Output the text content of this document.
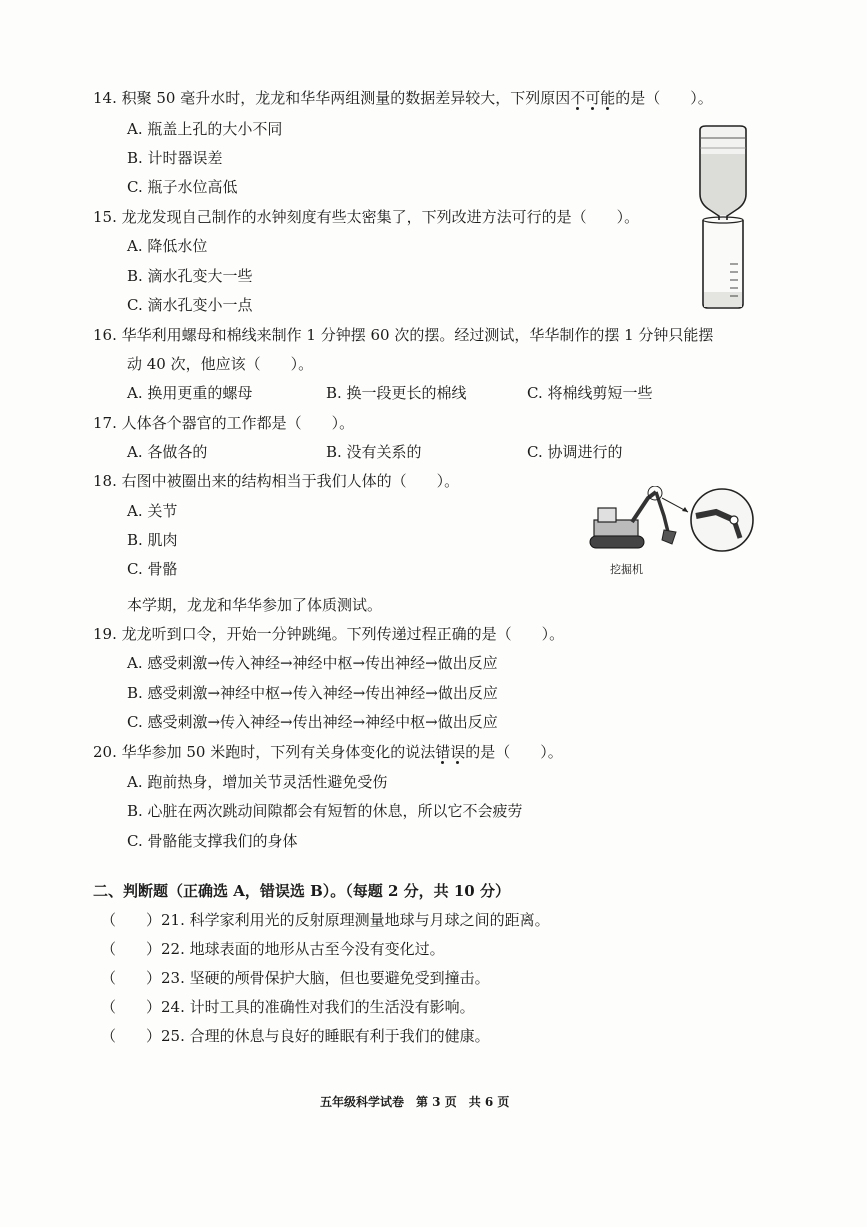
14. 积聚 50 毫升水时，龙龙和华华两组测量的数据差异较大，下列原因不
可
能
的是（　　）。
A. 瓶盖上孔的大小不同
B. 计时器误差
C. 瓶子水位高低
15. 龙龙发现自己制作的水钟刻度有些太密集了，下列改进方法可行的是（　　）。
A. 降低水位
B. 滴水孔变大一些
C. 滴水孔变小一点
16. 华华利用螺母和棉线来制作 1 分钟摆 60 次的摆。经过测试，华华制作的摆 1 分钟只能摆
动 40 次，他应该（　　）。
A. 换用更重的螺母	B. 换一段更长的棉线	C. 将棉线剪短一些
17. 人体各个器官的工作都是（　　）。
A. 各做各的	B. 没有关系的	C. 协调进行的
18. 右图中被圈出来的结构相当于我们人体的（　　）。
A. 关节
B. 肌肉
C. 骨骼
本学期，龙龙和华华参加了体质测试。
19. 龙龙听到口令，开始一分钟跳绳。下列传递过程正确的是（　　）。
A. 感受刺激→传入神经→神经中枢→传出神经→做出反应
B. 感受刺激→神经中枢→传入神经→传出神经→做出反应
C. 感受刺激→传入神经→传出神经→神经中枢→做出反应
20. 华华参加 50 米跑时，下列有关身体变化的说法错
误
的是（　　）。
A. 跑前热身，增加关节灵活性避免受伤
B. 心脏在两次跳动间隙都会有短暂的休息，所以它不会疲劳
C. 骨骼能支撑我们的身体
二、判断题（正确选 A，错误选 B）。（每题 2 分，共 10 分）
（　　）21. 科学家利用光的反射原理测量地球与月球之间的距离。
（　　）22. 地球表面的地形从古至今没有变化过。
（　　）23. 坚硬的颅骨保护大脑，但也要避免受到撞击。
（　　）24. 计时工具的准确性对我们的生活没有影响。
（　　）25. 合理的休息与良好的睡眠有利于我们的健康。
五年级科学试卷　第 3 页　共 6 页
挖掘机
